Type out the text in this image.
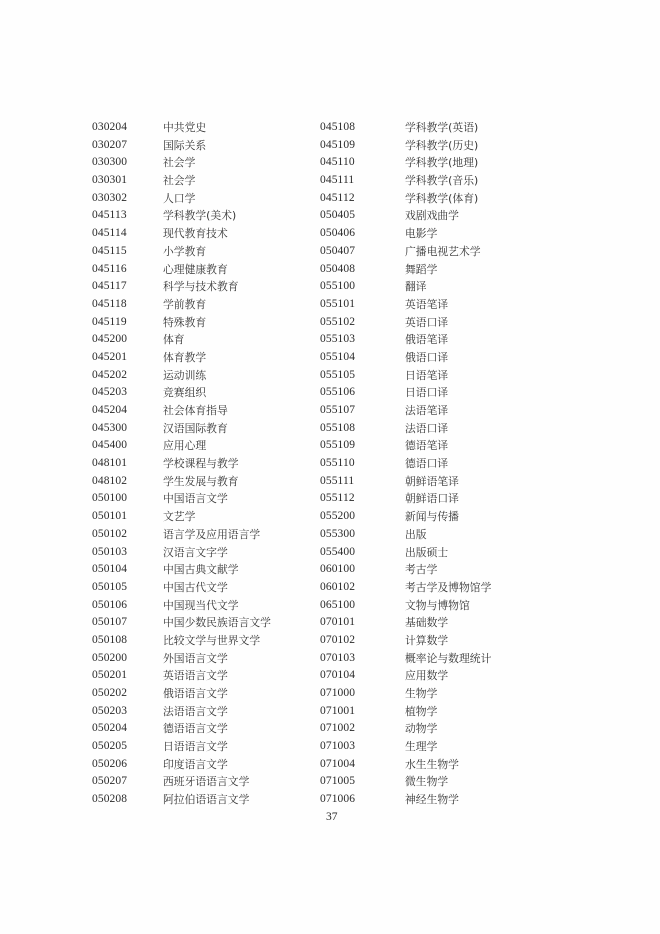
030204	中共党史	045108	学科教学(英语)
030207	国际关系	045109	学科教学(历史)
030300	社会学	045110	学科教学(地理)
030301	社会学	045111	学科教学(音乐)
030302	人口学	045112	学科教学(体育)
045113	学科教学(美术)	050405	戏剧戏曲学
045114	现代教育技术	050406	电影学
045115	小学教育	050407	广播电视艺术学
045116	心理健康教育	050408	舞蹈学
045117	科学与技术教育	055100	翻译
045118	学前教育	055101	英语笔译
045119	特殊教育	055102	英语口译
045200	体育	055103	俄语笔译
045201	体育教学	055104	俄语口译
045202	运动训练	055105	日语笔译
045203	竞赛组织	055106	日语口译
045204	社会体育指导	055107	法语笔译
045300	汉语国际教育	055108	法语口译
045400	应用心理	055109	德语笔译
048101	学校课程与教学	055110	德语口译
048102	学生发展与教育	055111	朝鲜语笔译
050100	中国语言文学	055112	朝鲜语口译
050101	文艺学	055200	新闻与传播
050102	语言学及应用语言学	055300	出版
050103	汉语言文字学	055400	出版硕士
050104	中国古典文献学	060100	考古学
050105	中国古代文学	060102	考古学及博物馆学
050106	中国现当代文学	065100	文物与博物馆
050107	中国少数民族语言文学	070101	基础数学
050108	比较文学与世界文学	070102	计算数学
050200	外国语言文学	070103	概率论与数理统计
050201	英语语言文学	070104	应用数学
050202	俄语语言文学	071000	生物学
050203	法语语言文学	071001	植物学
050204	德语语言文学	071002	动物学
050205	日语语言文学	071003	生理学
050206	印度语言文学	071004	水生生物学
050207	西班牙语语言文学	071005	微生物学
050208	阿拉伯语语言文学	071006	神经生物学
37
